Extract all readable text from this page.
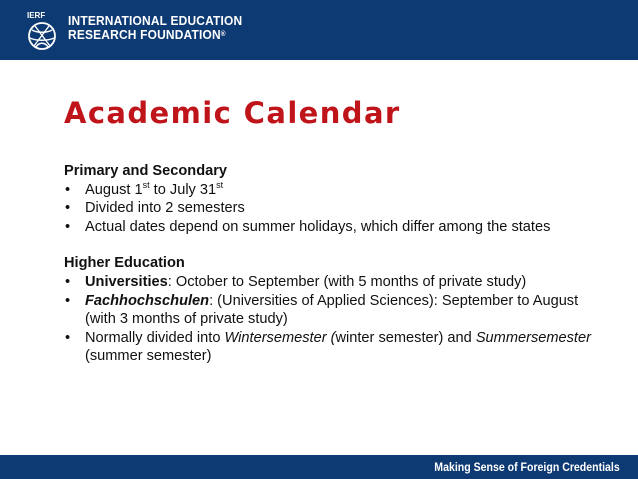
IERF INTERNATIONAL EDUCATION
RESEARCH FOUNDATION®
Academic Calendar
Primary and Secondary
• August 1st to July 31st
• Divided into 2 semesters
• Actual dates depend on summer holidays, which differ among the states
Higher Education
• Universities: October to September (with 5 months of private study)
• Fachhochschulen: (Universities of Applied Sciences): September to August (with 3 months of private study)
• Normally divided into Wintersemester (winter semester) and Summersemester (summer semester)
Making Sense of Foreign Credentials
